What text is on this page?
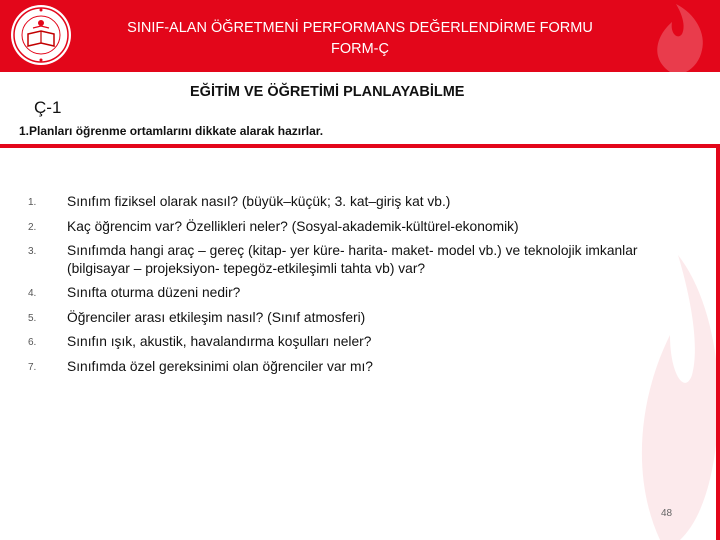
SINIF-ALAN ÖĞRETMENİ PERFORMANS DEĞERLENDİRME FORMU
FORM-Ç
Ç-1
EĞİTİM VE ÖĞRETİMİ PLANLAYABİLME
1.Planları öğrenme ortamlarını dikkate alarak hazırlar.
1. Sınıfım fiziksel olarak nasıl? (büyük–küçük; 3. kat–giriş kat vb.)
2. Kaç öğrencim var? Özellikleri neler? (Sosyal-akademik-kültürel-ekonomik)
3. Sınıfımda hangi araç – gereç (kitap- yer küre- harita- maket- model vb.) ve teknolojik imkanlar (bilgisayar – projeksiyon- tepegöz-etkileşimli tahta vb) var?
4. Sınıfta oturma düzeni nedir?
5. Öğrenciler arası etkileşim nasıl? (Sınıf atmosferi)
6. Sınıfın ışık, akustik, havalandırma koşulları neler?
7. Sınıfımda özel gereksinimi olan öğrenciler var mı?
48
